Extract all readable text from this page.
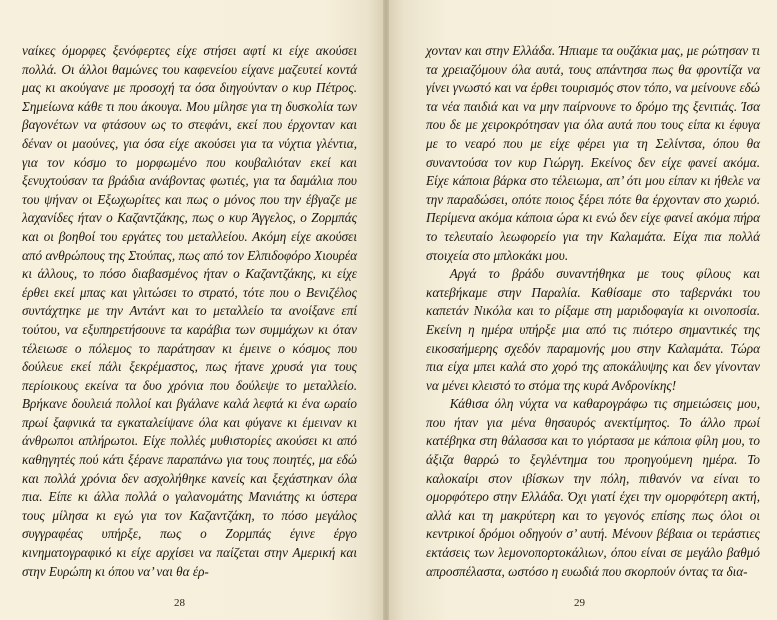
ναίκες όμορφες ξενόφερτες είχε στήσει αφτί κι είχε ακούσει πολλά. Οι άλλοι θαμώνες του καφενείου είχανε μαζευτεί κοντά μας κι ακούγανε με προσοχή τα όσα διηγούνταν ο κυρ Πέτρος. Σημείωνα κάθε τι που άκουγα. Μου μίλησε για τη δυσκολία των βαγονέτων να φτάσουν ως το στεφάνι, εκεί που έρχονταν και δέναν οι μαούνες, για όσα είχε ακούσει για τα νύχτια γλέντια, για τον κόσμο το μορφωμένο που κουβαλιόταν εκεί και ξενυχτούσαν τα βράδια ανάβοντας φωτιές, για τα δαμάλια που του ψήναν οι Εξωχωρίτες και πως ο μόνος που την έβγαζε με λαχανίδες ήταν ο Καζαντζάκης, πως ο κυρ Άγγελος, ο Ζορμπάς και οι βοηθοί του εργάτες του μεταλλείου. Ακόμη είχε ακούσει από ανθρώπους της Στούπας, πως από τον Ελπιδοφόρο Χιουρέα κι άλλους, το πόσο διαβασμένος ήταν ο Καζαντζάκης, κι είχε έρθει εκεί μπας και γλιτώσει το στρατό, τότε που ο Βενιζέλος συντάχτηκε με την Αντάντ και το μεταλλείο τα ανοίξανε επί τούτου, να εξυπηρετήσουνε τα καράβια των συμμάχων κι όταν τέλειωσε ο πόλεμος το παράτησαν κι έμεινε ο κόσμος που δούλευε εκεί πάλι ξεκρέμαστος, πως ήτανε χρυσά για τους περίοικους εκείνα τα δυο χρόνια που δούλεψε το μεταλλείο. Βρήκανε δουλειά πολλοί και βγάλανε καλά λεφτά κι ένα ωραίο πρωί ξαφνικά τα εγκαταλείψανε όλα και φύγανε κι έμειναν κι άνθρωποι απλήρωτοι. Είχε πολλές μυθιστορίες ακούσει κι από καθηγητές πού κάτι ξέρανε παραπάνω για τους ποιητές, μα εδώ και πολλά χρόνια δεν ασχολήθηκε κανείς και ξεχάστηκαν όλα πια. Είπε κι άλλα πολλά ο γαλανομάτης Μανιάτης κι ύστερα τους μίλησα κι εγώ για τον Καζαντζάκη, το πόσο μεγάλος συγγραφέας υπήρξε, πως ο Ζορμπάς έγινε έργο κινηματογραφικό κι είχε αρχίσει να παίζεται στην Αμερική και στην Ευρώπη κι όπου να’ ναι θα έρ-

28

χονταν και στην Ελλάδα. Ήπιαμε τα ουζάκια μας, με ρώτησαν τι τα χρειαζόμουν όλα αυτά, τους απάντησα πως θα φροντίζα να γίνει γνωστό και να έρθει τουρισμός στον τόπο, να μείνουνε εδώ τα νέα παιδιά και να μην παίρνουνε το δρόμο της ξενιτιάς. Ίσα που δε με χειροκρότησαν για όλα αυτά που τους είπα κι έφυγα με το νεαρό που με είχε φέρει για τη Σελίντσα, όπου θα συναντούσα τον κυρ Γιώργη. Εκείνος δεν είχε φανεί ακόμα. Είχε κάποια βάρκα στο τέλειωμα, απ’ ότι μου είπαν κι ήθελε να την παραδώσει, οπότε ποιος ξέρει πότε θα έρχονταν στο χωριό. Περίμενα ακόμα κάποια ώρα κι ενώ δεν είχε φανεί ακόμα πήρα το τελευταίο λεωφορείο για την Καλαμάτα. Είχα πια πολλά στοιχεία στο μπλοκάκι μου.

Αργά το βράδυ συναντήθηκα με τους φίλους και κατεβήκαμε στην Παραλία. Καθίσαμε στο ταβερνάκι του καπετάν Νικόλα και το ρίξαμε στη μαριδοφαγία κι οινοποσία. Εκείνη η ημέρα υπήρξε μια από τις πιότερο σημαντικές της εικοσαήμερης σχεδόν παραμονής μου στην Καλαμάτα. Τώρα πια είχα μπει καλά στο χορό της αποκάλυψης και δεν γίνονταν να μένει κλειστό το στόμα της κυρά Ανδρονίκης!

Κάθισα όλη νύχτα να καθαρογράφω τις σημειώσεις μου, που ήταν για μένα θησαυρός ανεκτίμητος. Το άλλο πρωί κατέβηκα στη θάλασσα και το γιόρτασα με κάποια φίλη μου, το άξιζα θαρρώ το ξεγλέντημα του προηγούμενη ημέρα. Το καλοκαίρι στον ιβίσκων την πόλη, πιθανόν να είναι το ομορφότερο στην Ελλάδα. Όχι γιατί έχει την ομορφότερη ακτή, αλλά και τη μακρύτερη και το γεγονός επίσης πως όλοι οι κεντρικοί δρόμοι οδηγούν σ’ αυτή. Μένουν βέβαια οι τεράστιες εκτάσεις των λεμονοπορτοκάλιων, όπου είναι σε μεγάλο βαθμό απροσπέλαστα, ωστόσο η ευωδιά που σκορπούν όντας τα δια-

29
